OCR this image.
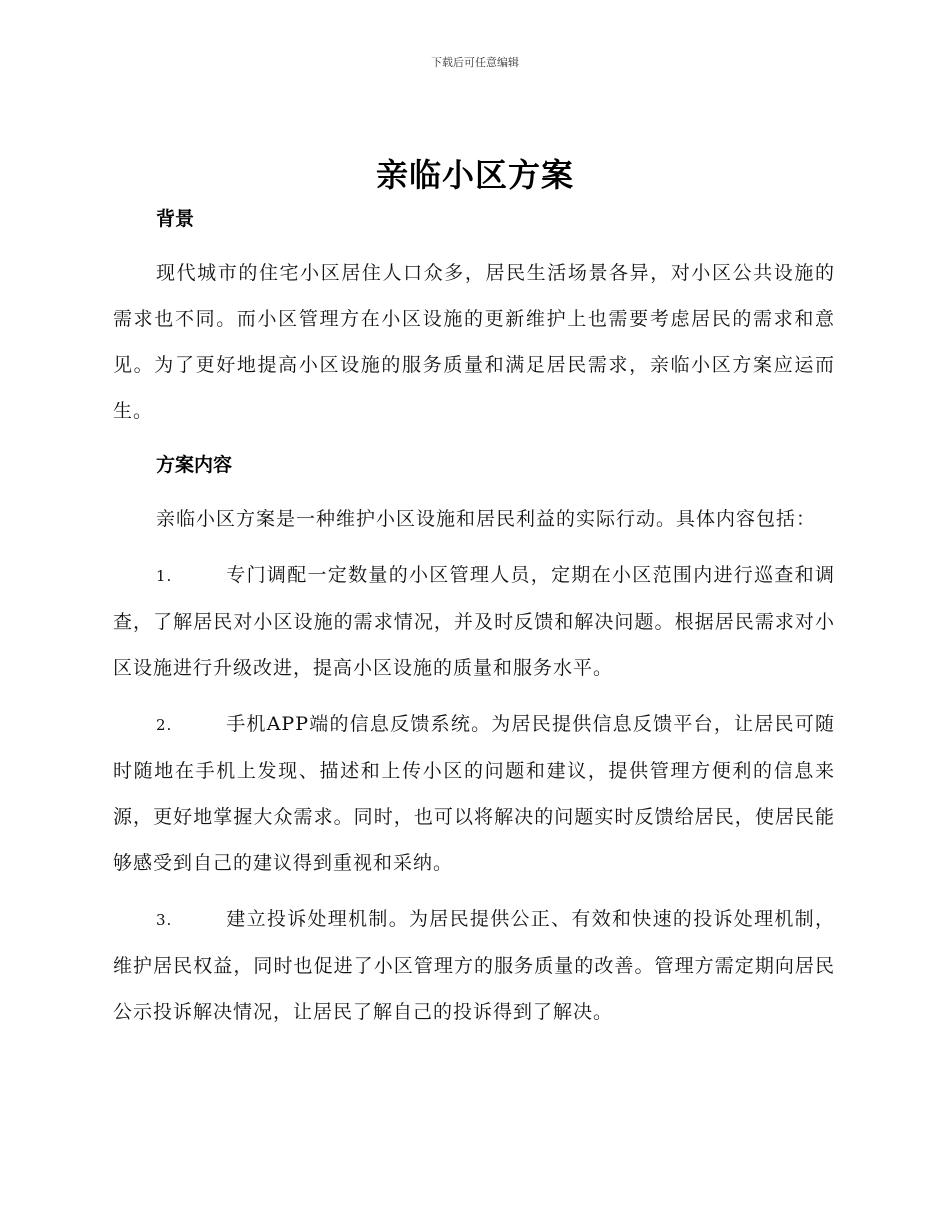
下载后可任意编辑
亲临小区方案

背景

现代城市的住宅小区居住人口众多，居民生活场景各异，对小区公共设施的需求也不同。而小区管理方在小区设施的更新维护上也需要考虑居民的需求和意见。为了更好地提高小区设施的服务质量和满足居民需求，亲临小区方案应运而生。

方案内容

亲临小区方案是一种维护小区设施和居民利益的实际行动。具体内容包括：

1.	专门调配一定数量的小区管理人员，定期在小区范围内进行巡查和调查，了解居民对小区设施的需求情况，并及时反馈和解决问题。根据居民需求对小区设施进行升级改进，提高小区设施的质量和服务水平。

2.	手机APP端的信息反馈系统。为居民提供信息反馈平台，让居民可随时随地在手机上发现、描述和上传小区的问题和建议，提供管理方便利的信息来源，更好地掌握大众需求。同时，也可以将解决的问题实时反馈给居民，使居民能够感受到自己的建议得到重视和采纳。

3.	建立投诉处理机制。为居民提供公正、有效和快速的投诉处理机制，维护居民权益，同时也促进了小区管理方的服务质量的改善。管理方需定期向居民公示投诉解决情况，让居民了解自己的投诉得到了解决。
